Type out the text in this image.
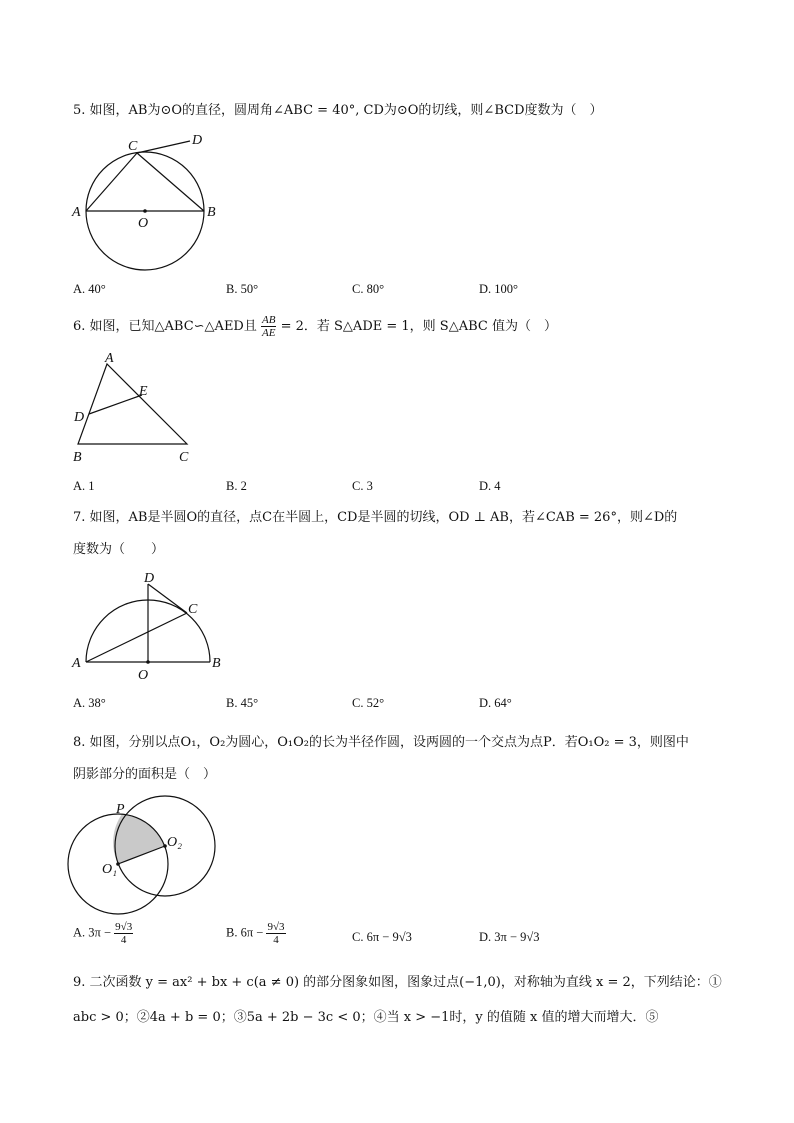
5. 如图，AB为⊙O的直径，圆周角∠ABC = 40°, CD为⊙O的切线，则∠BCD度数为（　）
A	B
C	D
O
A. 40°	B. 50°	C. 80°	D. 100°
6. 如图，已知△ABC∽△AED且 $\frac{AB}{AE} = 2$．若 S△ADE = 1，则 S△ABC 值为（　）
A
B	C
D
E
A. 1	B. 2	C. 3	D. 4
7. 如图，AB是半圆O的直径，点C在半圆上，CD是半圆的切线，OD ⊥ AB，若∠CAB = 26°，则∠D的
度数为（　　）
A	B
C
D
O
A. 38°	B. 45°	C. 52°	D. 64°
8. 如图，分别以点O₁，O₂为圆心，O₁O₂的长为半径作圆，设两圆的一个交点为点P．若O₁O₂ = 3，则图中
阴影部分的面积是（　）
P
O₁
O₂
A. $3\pi - \frac{9√3}{4}$	B. $6\pi - \frac{9√3}{4}$	C. 6π − 9√3	D. 3π − 9√3
9. 二次函数 y = ax² + bx + c(a ≠ 0) 的部分图象如图，图象过点(−1,0)，对称轴为直线 x = 2，下列结论：①
abc > 0；②4a + b = 0；③5a + 2b − 3c < 0；④当 x > −1时，y 的值随 x 值的增大而增大．⑤
